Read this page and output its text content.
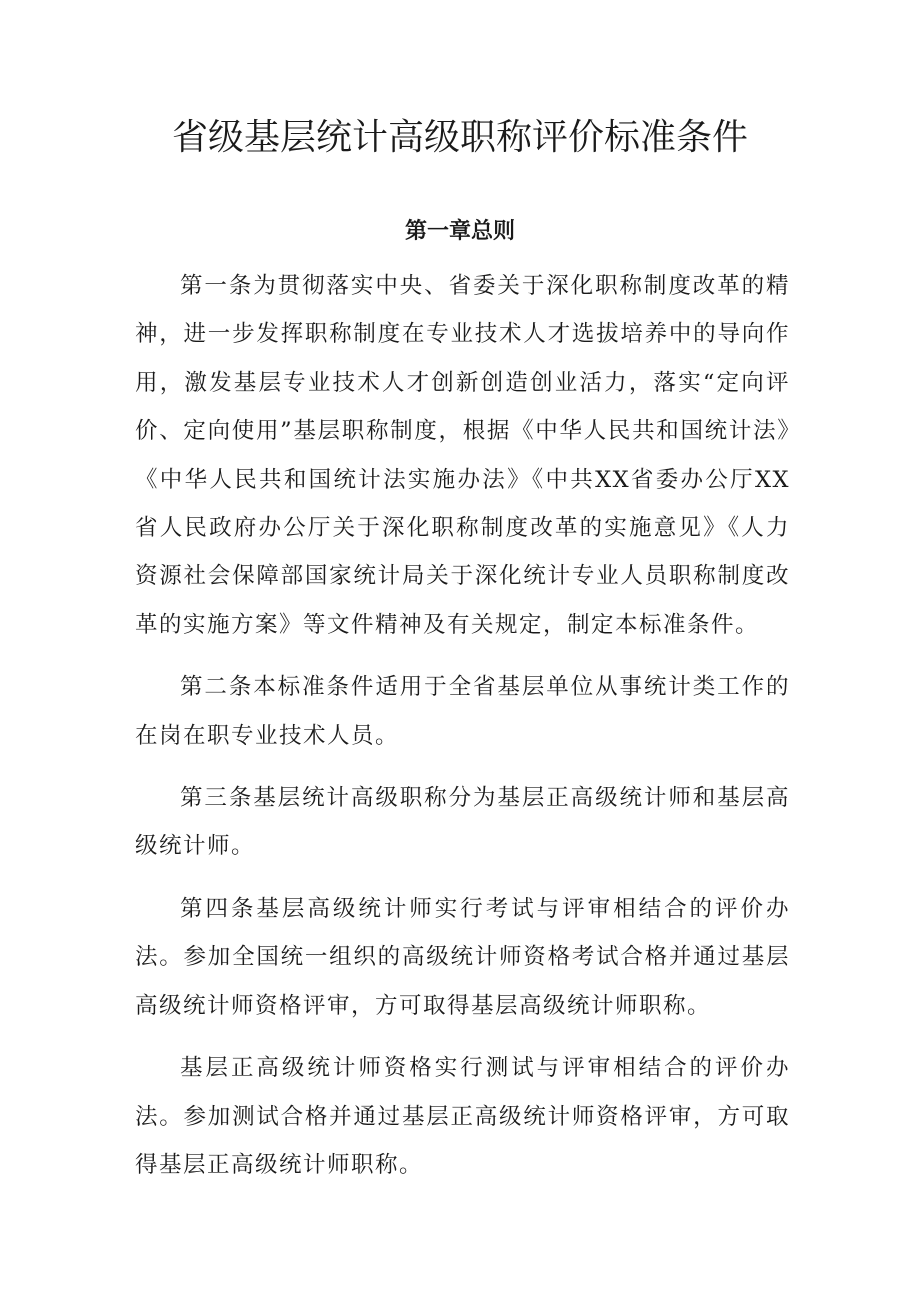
省级基层统计高级职称评价标准条件
第一章总则

第一条为贯彻落实中央、省委关于深化职称制度改革的精神，进一步发挥职称制度在专业技术人才选拔培养中的导向作用，激发基层专业技术人才创新创造创业活力，落实“定向评价、定向使用”基层职称制度，根据《中华人民共和国统计法》《中华人民共和国统计法实施办法》《中共XX省委办公厅XX省人民政府办公厅关于深化职称制度改革的实施意见》《人力资源社会保障部国家统计局关于深化统计专业人员职称制度改革的实施方案》等文件精神及有关规定，制定本标准条件。

第二条本标准条件适用于全省基层单位从事统计类工作的在岗在职专业技术人员。

第三条基层统计高级职称分为基层正高级统计师和基层高级统计师。

第四条基层高级统计师实行考试与评审相结合的评价办法。参加全国统一组织的高级统计师资格考试合格并通过基层高级统计师资格评审，方可取得基层高级统计师职称。

基层正高级统计师资格实行测试与评审相结合的评价办法。参加测试合格并通过基层正高级统计师资格评审，方可取得基层正高级统计师职称。
